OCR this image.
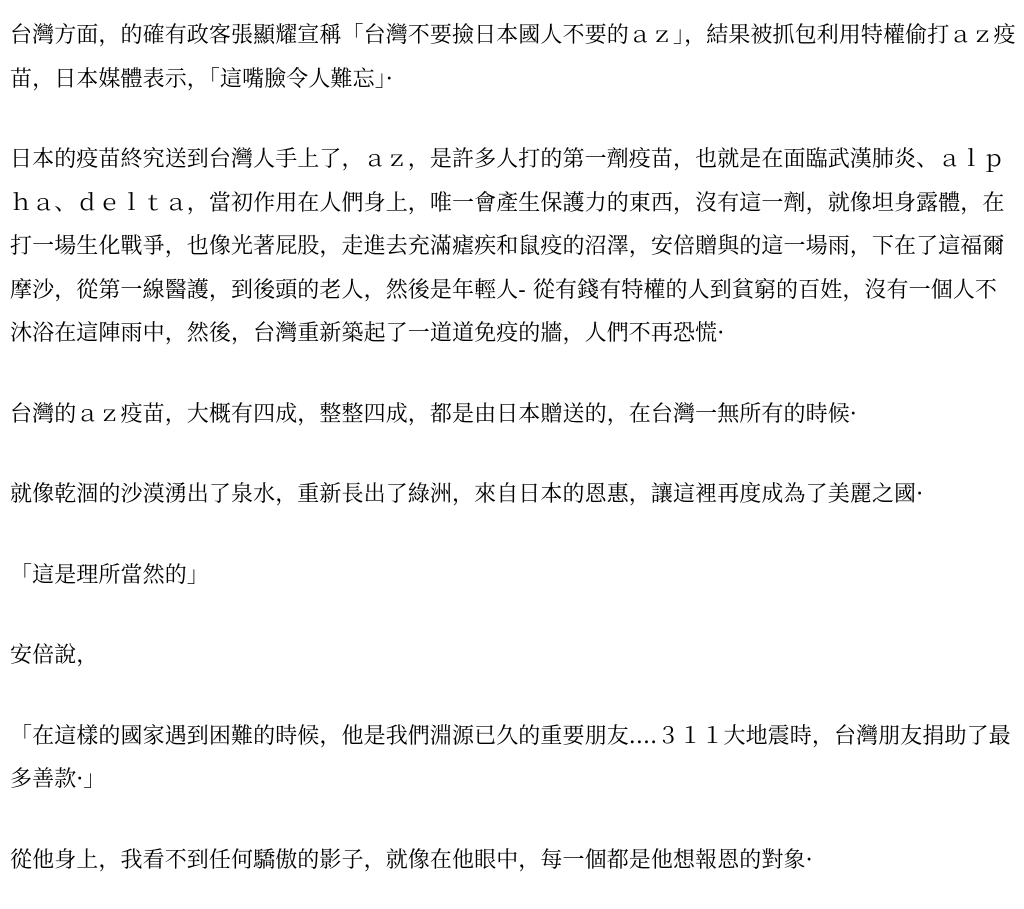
台灣方面，的確有政客張顯耀宣稱「台灣不要撿日本國人不要的ａｚ」，結果被抓包利用特權偷打ａｚ疫苗，日本媒體表示，「這嘴臉令人難忘」·

日本的疫苗終究送到台灣人手上了，ａｚ，是許多人打的第一劑疫苗，也就是在面臨武漢肺炎、ａｌｐｈａ、ｄｅｌｔａ，當初作用在人們身上，唯一會產生保護力的東西，沒有這一劑，就像坦身露體，在打一場生化戰爭，也像光著屁股，走進去充滿瘧疾和鼠疫的沼澤，安倍贈與的這一場雨，下在了這福爾摩沙，從第一線醫護，到後頭的老人，然後是年輕人- 從有錢有特權的人到貧窮的百姓，沒有一個人不沐浴在這陣雨中，然後，台灣重新築起了一道道免疫的牆，人們不再恐慌·

台灣的ａｚ疫苗，大概有四成，整整四成，都是由日本贈送的，在台灣一無所有的時候·

就像乾涸的沙漠湧出了泉水，重新長出了綠洲，來自日本的恩惠，讓這裡再度成為了美麗之國·

「這是理所當然的」

安倍說，

「在這樣的國家遇到困難的時候，他是我們淵源已久的重要朋友....３１１大地震時，台灣朋友捐助了最多善款·」

從他身上，我看不到任何驕傲的影子，就像在他眼中，每一個都是他想報恩的對象·
